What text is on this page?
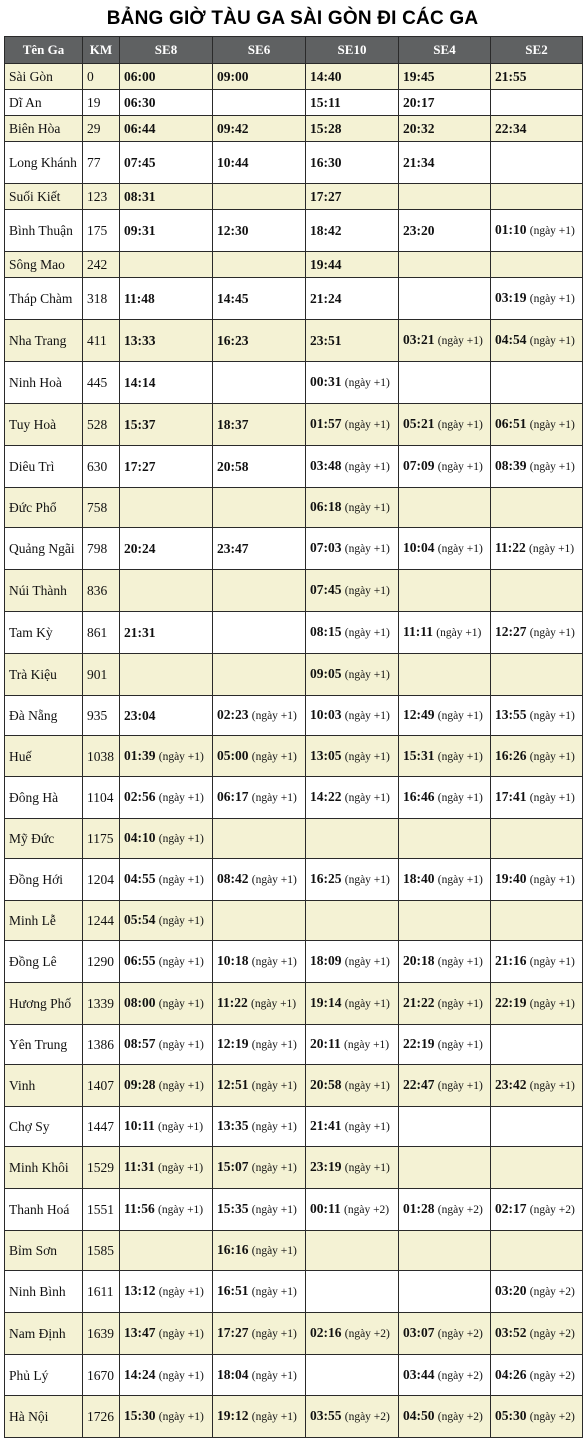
BẢNG GIỜ TÀU GA SÀI GÒN ĐI CÁC GA
Tên Ga	KM	SE8	SE6	SE10	SE4	SE2
Sài Gòn	0	06:00	09:00	14:40	19:45	21:55
Dĩ An	19	06:30		15:11	20:17	
Biên Hòa	29	06:44	09:42	15:28	20:32	22:34
Long Khánh	77	07:45	10:44	16:30	21:34	
Suối Kiết	123	08:31		17:27		
Bình Thuận	175	09:31	12:30	18:42	23:20	01:10 (ngày +1)
Sông Mao	242			19:44		
Tháp Chàm	318	11:48	14:45	21:24		03:19 (ngày +1)
Nha Trang	411	13:33	16:23	23:51	03:21 (ngày +1)	04:54 (ngày +1)
Ninh Hoà	445	14:14		00:31 (ngày +1)		
Tuy Hoà	528	15:37	18:37	01:57 (ngày +1)	05:21 (ngày +1)	06:51 (ngày +1)
Diêu Trì	630	17:27	20:58	03:48 (ngày +1)	07:09 (ngày +1)	08:39 (ngày +1)
Đức Phổ	758			06:18 (ngày +1)		
Quảng Ngãi	798	20:24	23:47	07:03 (ngày +1)	10:04 (ngày +1)	11:22 (ngày +1)
Núi Thành	836			07:45 (ngày +1)		
Tam Kỳ	861	21:31		08:15 (ngày +1)	11:11 (ngày +1)	12:27 (ngày +1)
Trà Kiệu	901			09:05 (ngày +1)		
Đà Nẵng	935	23:04	02:23 (ngày +1)	10:03 (ngày +1)	12:49 (ngày +1)	13:55 (ngày +1)
Huế	1038	01:39 (ngày +1)	05:00 (ngày +1)	13:05 (ngày +1)	15:31 (ngày +1)	16:26 (ngày +1)
Đông Hà	1104	02:56 (ngày +1)	06:17 (ngày +1)	14:22 (ngày +1)	16:46 (ngày +1)	17:41 (ngày +1)
Mỹ Đức	1175	04:10 (ngày +1)				
Đồng Hới	1204	04:55 (ngày +1)	08:42 (ngày +1)	16:25 (ngày +1)	18:40 (ngày +1)	19:40 (ngày +1)
Minh Lễ	1244	05:54 (ngày +1)				
Đồng Lê	1290	06:55 (ngày +1)	10:18 (ngày +1)	18:09 (ngày +1)	20:18 (ngày +1)	21:16 (ngày +1)
Hương Phố	1339	08:00 (ngày +1)	11:22 (ngày +1)	19:14 (ngày +1)	21:22 (ngày +1)	22:19 (ngày +1)
Yên Trung	1386	08:57 (ngày +1)	12:19 (ngày +1)	20:11 (ngày +1)	22:19 (ngày +1)	
Vinh	1407	09:28 (ngày +1)	12:51 (ngày +1)	20:58 (ngày +1)	22:47 (ngày +1)	23:42 (ngày +1)
Chợ Sy	1447	10:11 (ngày +1)	13:35 (ngày +1)	21:41 (ngày +1)		
Minh Khôi	1529	11:31 (ngày +1)	15:07 (ngày +1)	23:19 (ngày +1)		
Thanh Hoá	1551	11:56 (ngày +1)	15:35 (ngày +1)	00:11 (ngày +2)	01:28 (ngày +2)	02:17 (ngày +2)
Bỉm Sơn	1585		16:16 (ngày +1)			
Ninh Bình	1611	13:12 (ngày +1)	16:51 (ngày +1)			03:20 (ngày +2)
Nam Định	1639	13:47 (ngày +1)	17:27 (ngày +1)	02:16 (ngày +2)	03:07 (ngày +2)	03:52 (ngày +2)
Phủ Lý	1670	14:24 (ngày +1)	18:04 (ngày +1)		03:44 (ngày +2)	04:26 (ngày +2)
Hà Nội	1726	15:30 (ngày +1)	19:12 (ngày +1)	03:55 (ngày +2)	04:50 (ngày +2)	05:30 (ngày +2)
